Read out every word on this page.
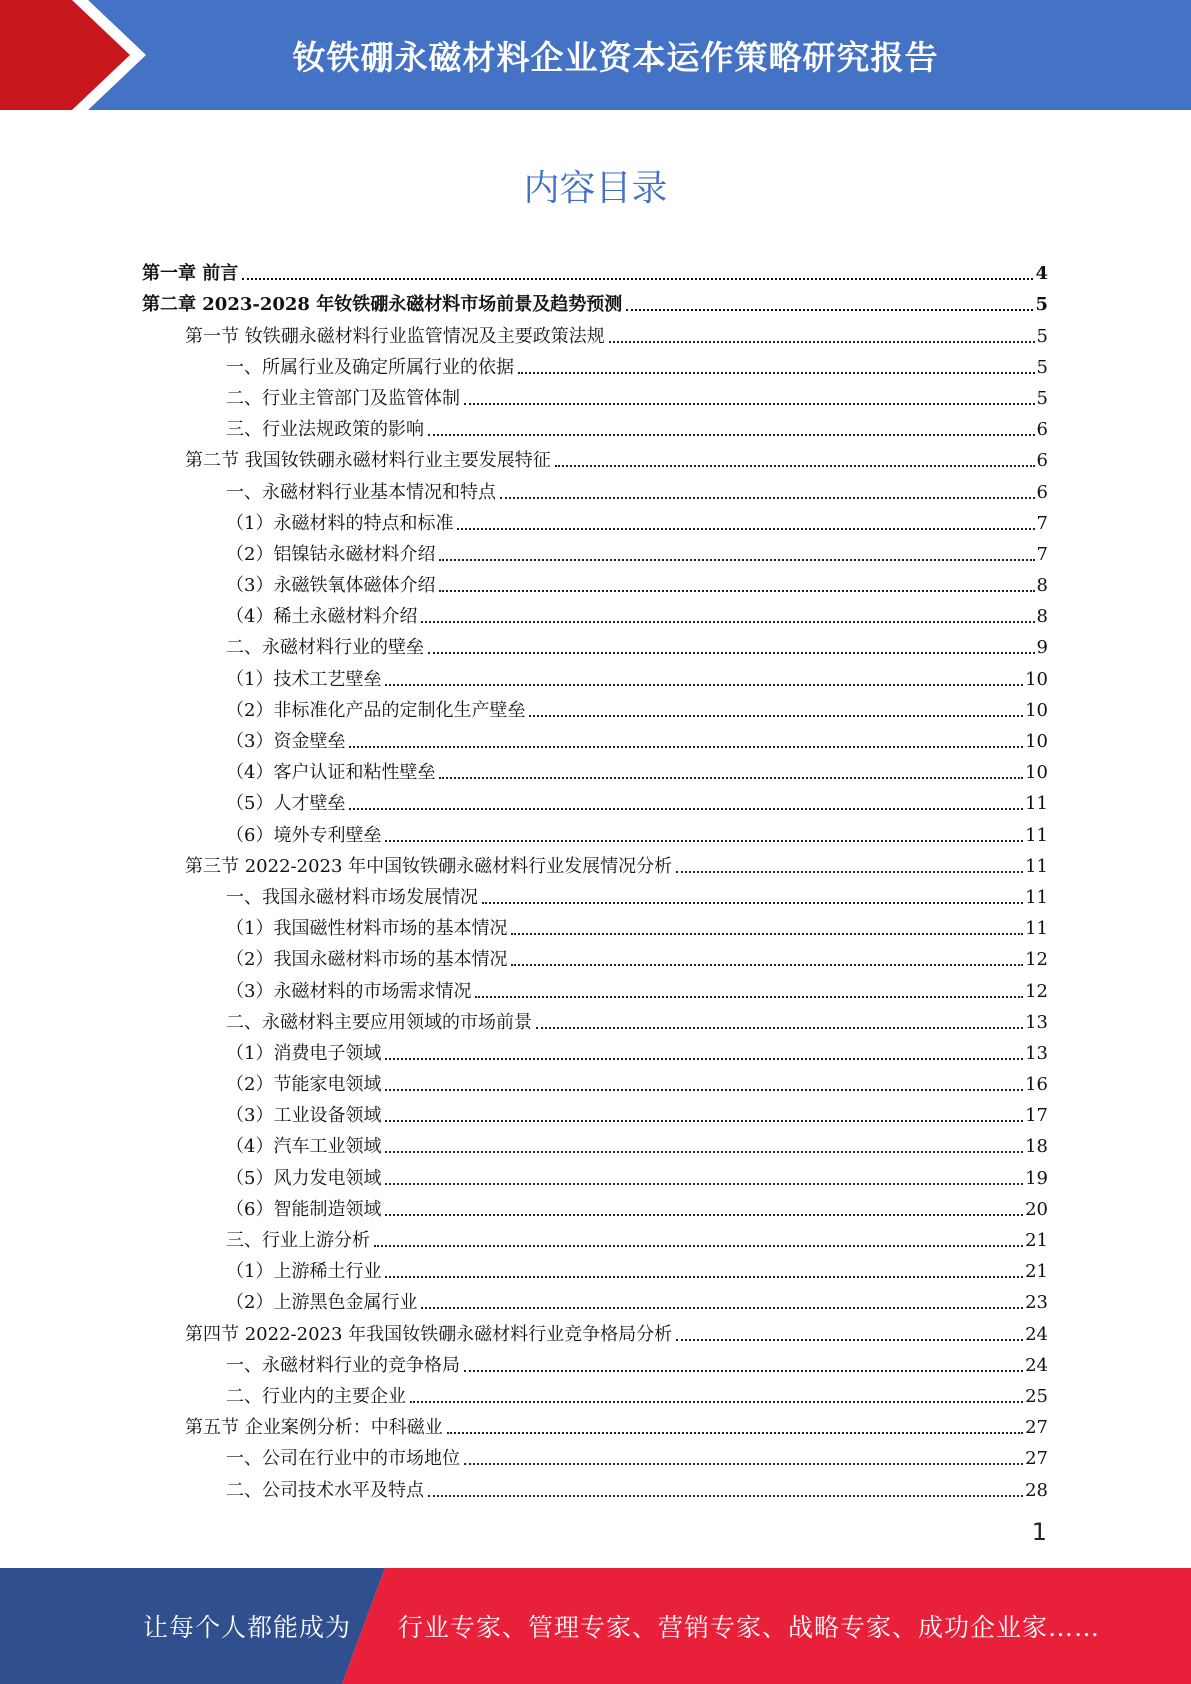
钕铁硼永磁材料企业资本运作策略研究报告
内容目录
第一章 前言	4
第二章 2023-2028 年钕铁硼永磁材料市场前景及趋势预测	5
第一节 钕铁硼永磁材料行业监管情况及主要政策法规	5
一、所属行业及确定所属行业的依据	5
二、行业主管部门及监管体制	5
三、行业法规政策的影响	6
第二节 我国钕铁硼永磁材料行业主要发展特征	6
一、永磁材料行业基本情况和特点	6
（1）永磁材料的特点和标准	7
（2）铝镍钴永磁材料介绍	7
（3）永磁铁氧体磁体介绍	8
（4）稀土永磁材料介绍	8
二、永磁材料行业的壁垒	9
（1）技术工艺壁垒	10
（2）非标准化产品的定制化生产壁垒	10
（3）资金壁垒	10
（4）客户认证和粘性壁垒	10
（5）人才壁垒	11
（6）境外专利壁垒	11
第三节 2022-2023 年中国钕铁硼永磁材料行业发展情况分析	11
一、我国永磁材料市场发展情况	11
（1）我国磁性材料市场的基本情况	11
（2）我国永磁材料市场的基本情况	12
（3）永磁材料的市场需求情况	12
二、永磁材料主要应用领域的市场前景	13
（1）消费电子领域	13
（2）节能家电领域	16
（3）工业设备领域	17
（4）汽车工业领域	18
（5）风力发电领域	19
（6）智能制造领域	20
三、行业上游分析	21
（1）上游稀土行业	21
（2）上游黑色金属行业	23
第四节 2022-2023 年我国钕铁硼永磁材料行业竞争格局分析	24
一、永磁材料行业的竞争格局	24
二、行业内的主要企业	25
第五节 企业案例分析：中科磁业	27
一、公司在行业中的市场地位	27
二、公司技术水平及特点	28
1
让每个人都能成为 行业专家、管理专家、营销专家、战略专家、成功企业家……
